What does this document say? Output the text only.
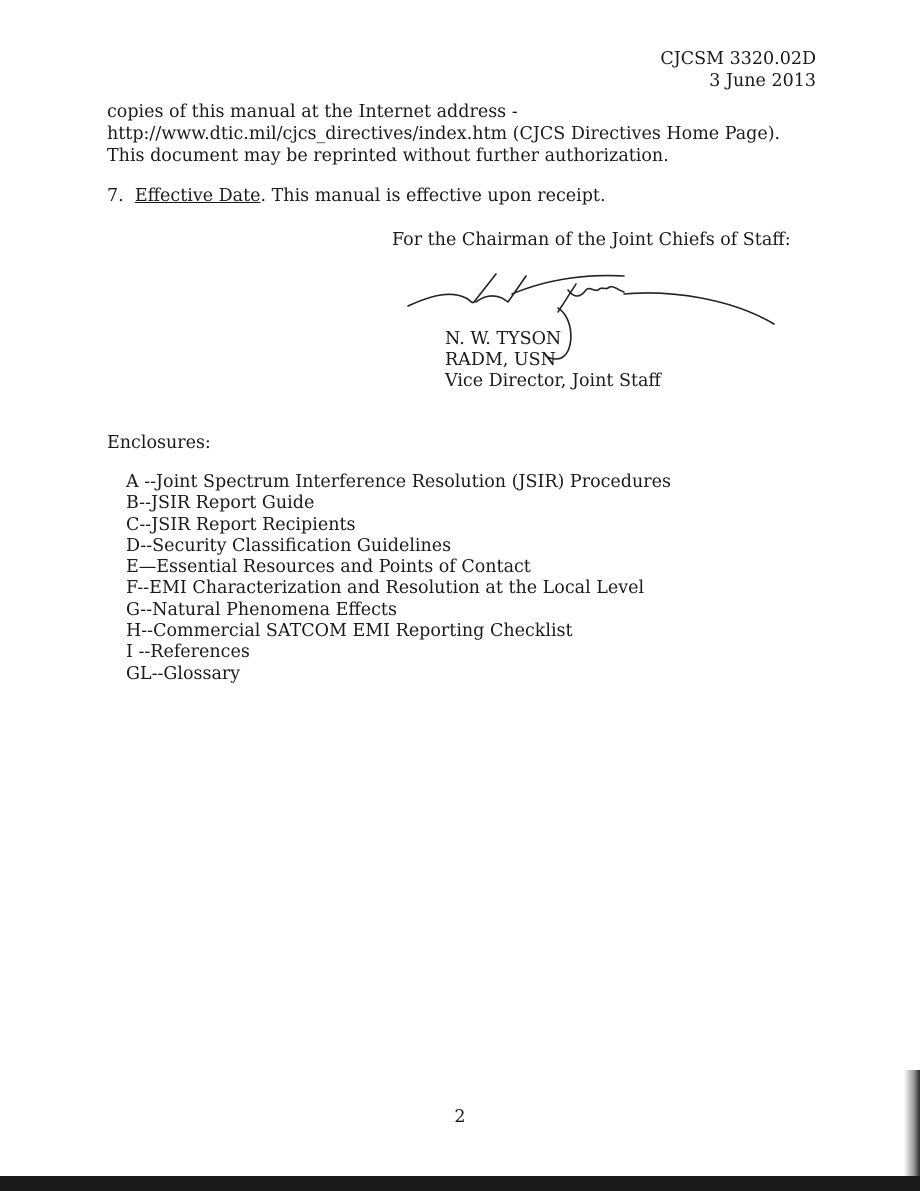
CJCSM 3320.02D
3 June 2013
copies of this manual at the Internet address -
http://www.dtic.mil/cjcs_directives/index.htm (CJCS Directives Home Page).
This document may be reprinted without further authorization.
7. Effective Date. This manual is effective upon receipt.
For the Chairman of the Joint Chiefs of Staff:
N. W. TYSON
RADM, USN
Vice Director, Joint Staff
Enclosures:
A --Joint Spectrum Interference Resolution (JSIR) Procedures
B--JSIR Report Guide
C--JSIR Report Recipients
D--Security Classification Guidelines
E—Essential Resources and Points of Contact
F--EMI Characterization and Resolution at the Local Level
G--Natural Phenomena Effects
H--Commercial SATCOM EMI Reporting Checklist
I --References
GL--Glossary
2
